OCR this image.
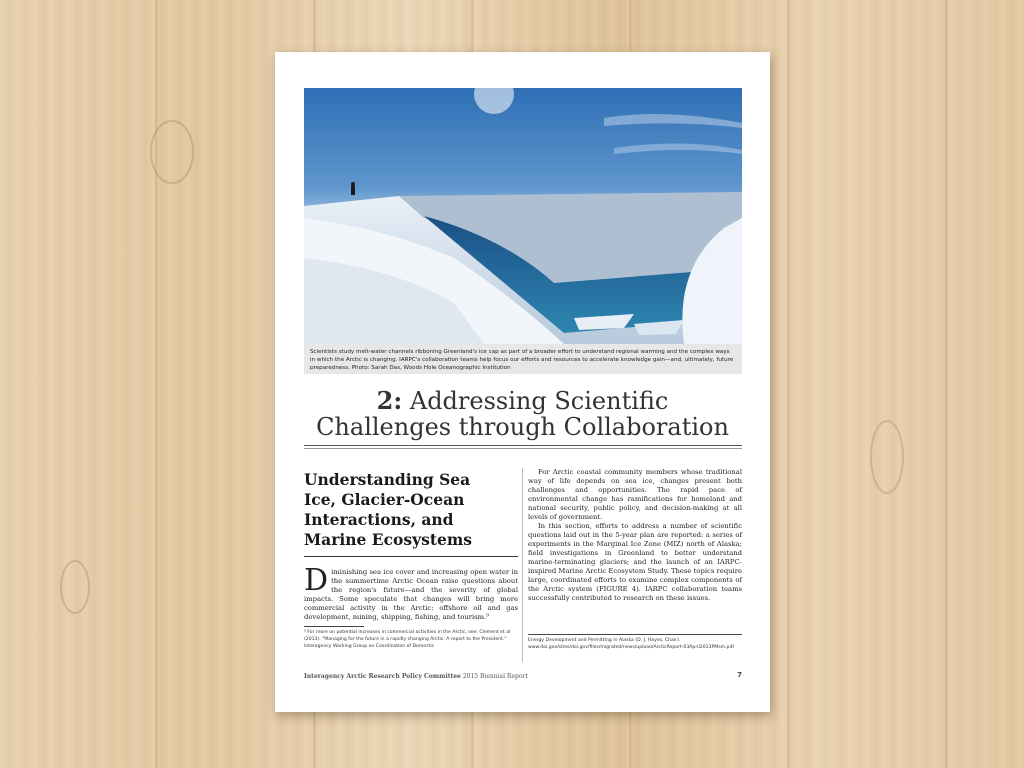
Scientists study melt-water channels ribboning Greenland's ice cap as part of a broader effort to understand regional warming and the complex ways in which the Arctic is changing. IARPC's collaboration teams help focus our efforts and resources to accelerate knowledge gain—and, ultimately, future preparedness. Photo: Sarah Das, Woods Hole Oceanographic Institution
2: Addressing Scientific
Challenges through Collaboration
Understanding Sea Ice, Glacier-Ocean Interactions, and Marine Ecosystems
Diminishing sea ice cover and increasing open water in the summertime Arctic Ocean raise questions about the region's future—and the severity of global impacts. Some speculate that changes will bring more commercial activity in the Arctic: offshore oil and gas development, mining, shipping, fishing, and tourism.⁹
⁹ For more on potential increases in commercial activities in the Arctic, see: Clement et al (2013). "Managing for the future in a rapidly changing Arctic: A report to the President." Interagency Working Group on Coordination of Domestic

For Arctic coastal community members whose traditional way of life depends on sea ice, changes present both challenges and opportunities. The rapid pace of environmental change has ramifications for homeland and national security, public policy, and decision-making at all levels of government.

In this section, efforts to address a number of scientific questions laid out in the 5-year plan are reported: a series of experiments in the Marginal Ice Zone (MIZ) north of Alaska; field investigations in Greenland to better understand marine-terminating glaciers; and the launch of an IARPC-inspired Marine Arctic Ecosystem Study. These topics require large, coordinated efforts to examine complex components of the Arctic system (FIGURE 4). IARPC collaboration teams successfully contributed to research on these issues.

Energy Development and Permitting in Alaska (D. J. Hayes, Chair). www.doi.gov/sites/doi.gov/files/migrated/news/upload/ArcticReport-03April2013PMsm.pdf
Interagency Arctic Research Policy Committee 2015 Biennial Report	7
